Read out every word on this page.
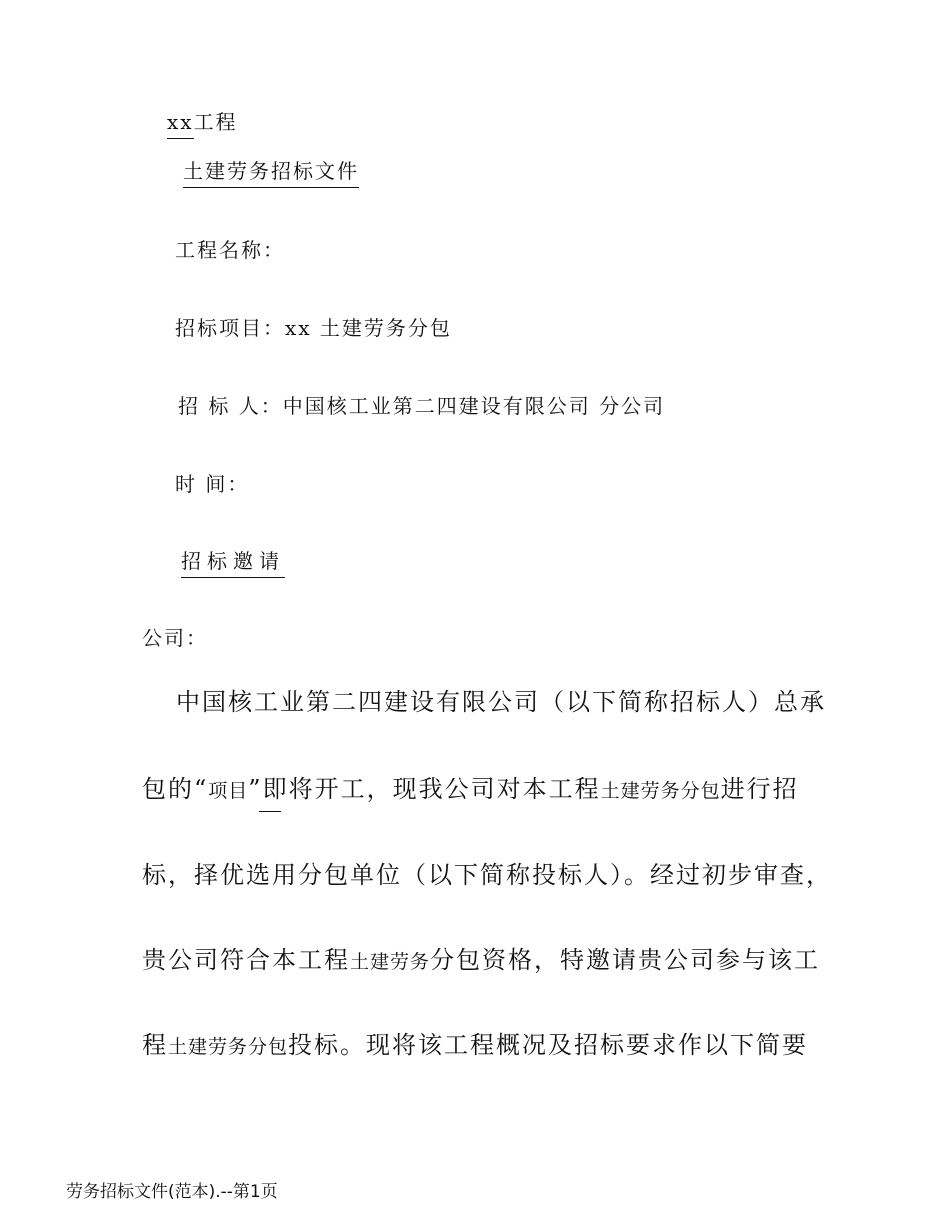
xx工程
土建劳务招标文件
工程名称：
招标项目：xx 土建劳务分包
招 标 人：中国核工业第二四建设有限公司 分公司
时 间：
招标邀请
公司：
中国核工业第二四建设有限公司（以下简称招标人）总承
包的“项目”即将开工，现我公司对本工程土建劳务分包进行招
标，择优选用分包单位（以下简称投标人）。经过初步审查，
贵公司符合本工程土建劳务分包资格，特邀请贵公司参与该工
程土建劳务分包投标。现将该工程概况及招标要求作以下简要
劳务招标文件(范本).--第1页
